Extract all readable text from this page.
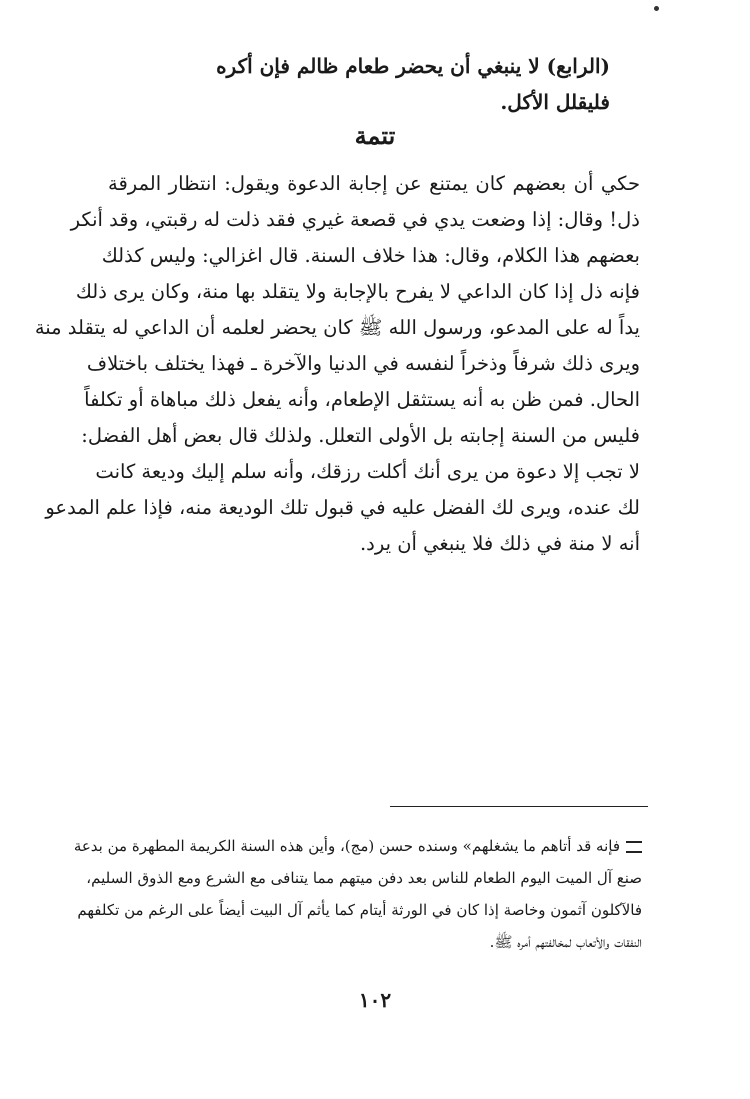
(الرابع) لا ينبغي أن يحضر طعام ظالم فإن أكره فليقلل الأكل.
تتمة
حكي أن بعضهم كان يمتنع عن إجابة الدعوة ويقول: انتظار المرقة
ذل! وقال: إذا وضعت يدي في قصعة غيري فقد ذلت له رقبتي، وقد أنكر
بعضهم هذا الكلام، وقال: هذا خلاف السنة. قال اغزالي: وليس كذلك
فإنه ذل إذا كان الداعي لا يفرح بالإجابة ولا يتقلد بها منة، وكان يرى ذلك
يداً له على المدعو، ورسول الله ﷺ كان يحضر لعلمه أن الداعي له يتقلد منة
ويرى ذلك شرفاً وذخراً لنفسه في الدنيا والآخرة ـ فهذا يختلف باختلاف
الحال. فمن ظن به أنه يستثقل الإطعام، وأنه يفعل ذلك مباهاة أو تكلفاً
فليس من السنة إجابته بل الأولى التعلل. ولذلك قال بعض أهل الفضل:
لا تجب إلا دعوة من يرى أنك أكلت رزقك، وأنه سلم إليك وديعة كانت
لك عنده، ويرى لك الفضل عليه في قبول تلك الوديعة منه، فإذا علم المدعو
أنه لا منة في ذلك فلا ينبغي أن يرد.
فإنه قد أتاهم ما يشغلهم» وسنده حسن (مج)، وأين هذه السنة الكريمة المطهرة من بدعة
صنع آل الميت اليوم الطعام للناس بعد دفن ميتهم مما يتنافى مع الشرع ومع الذوق السليم،
فالآكلون آثمون وخاصة إذا كان في الورثة أيتام كما يأثم آل البيت أيضاً على الرغم من تكلفهم
النفقات والأتعاب لمخالفتهم أمره ﷺ.
١٠٢
